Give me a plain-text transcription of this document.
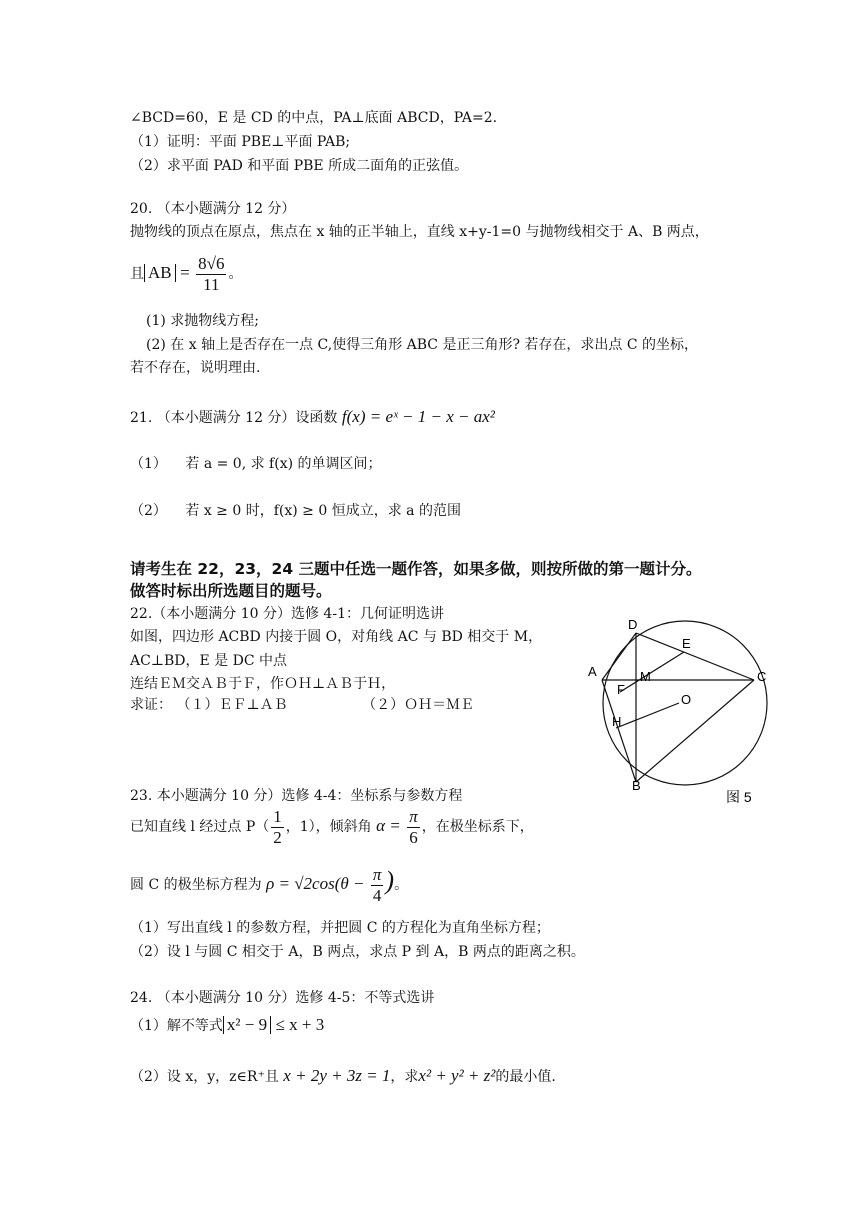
∠BCD=60，E 是 CD 的中点，PA⊥底面 ABCD，PA=2.
（1）证明：平面 PBE⊥平面 PAB;
（2）求平面 PAD 和平面 PBE 所成二面角的正弦值。
20. （本小题满分 12 分）
抛物线的顶点在原点，焦点在 x 轴的正半轴上，直线 x+y-1=0 与抛物线相交于 A、B 两点，
且 AB = $\frac{8√6}{11}$ 。
(1) 求抛物线方程;
(2) 在 x 轴上是否存在一点 C,使得三角形 ABC 是正三角形? 若存在，求出点 C 的坐标，
若不存在，说明理由.
21. （本小题满分 12 分）设函数 f(x) = eˣ − 1 − x − ax²
（1） 若 a = 0, 求 f(x) 的单调区间；
（2） 若 x ≥ 0 时，f(x) ≥ 0 恒成立，求 a 的范围
请考生在 22，23，24 三题中任选一题作答，如果多做，则按所做的第一题计分。
做答时标出所选题目的题号。
22.（本小题满分 10 分）选修 4-1：几何证明选讲
如图，四边形 ACBD 内接于圆 O，对角线 AC 与 BD 相交于 M，
AC⊥BD，E 是 DC 中点
连结ＥＭ交ＡＢ于Ｆ，作ＯＨ⊥ＡＢ于Ｈ，
求证： （１）ＥＦ⊥ＡＢ	（２）ＯＨ＝ＭＥ
D
E
A	M	C
F
O
H
B
图 5
23. 本小题满分 10 分）选修 4-4：坐标系与参数方程
已知直线 l 经过点 $P( \frac{1}{2}$ ，1），倾斜角 $\alpha = \frac{\pi}{6}$ ，在极坐标系下，
圆 C 的极坐标方程为 $\rho = √2\cos(\theta - \frac{\pi}{4}$ )。
（1）写出直线 l 的参数方程，并把圆 C 的方程化为直角坐标方程；
（2）设 l 与圆 C 相交于 A，B 两点，求点 P 到 A，B 两点的距离之积。
24. （本小题满分 10 分）选修 4-5：不等式选讲
（1）解不等式 x² − 9 ≤ x + 3
（2）设 x，y，z∈R⁺且 x + 2y + 3z = 1，求x² + y² + z²的最小值.
